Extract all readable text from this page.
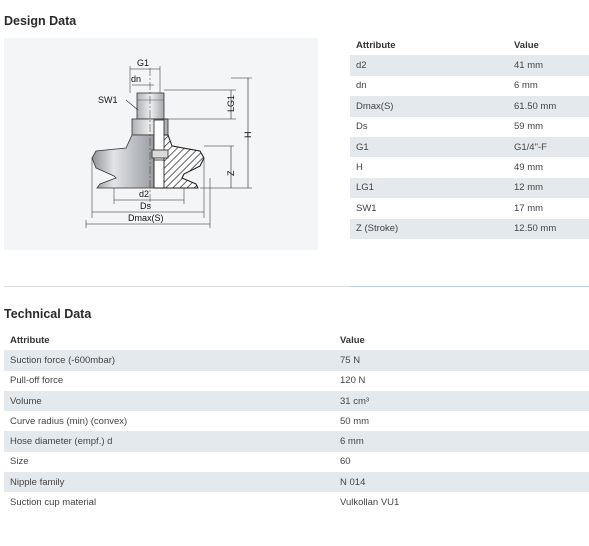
Design Data
G1
dn
SW1	LG1
H
Z
d2
Ds
Dmax(S)
Attribute	Value
d2	41 mm
dn	6 mm
Dmax(S)	61.50 mm
Ds	59 mm
G1	G1/4"-F
H	49 mm
LG1	12 mm
SW1	17 mm
Z (Stroke)	12.50 mm
Technical Data
Attribute	Value
Suction force (-600mbar)	75 N
Pull-off force	120 N
Volume	31 cm³
Curve radius (min) (convex)	50 mm
Hose diameter (empf.) d	6 mm
Size	60
Nipple family	N 014
Suction cup material	Vulkollan VU1
